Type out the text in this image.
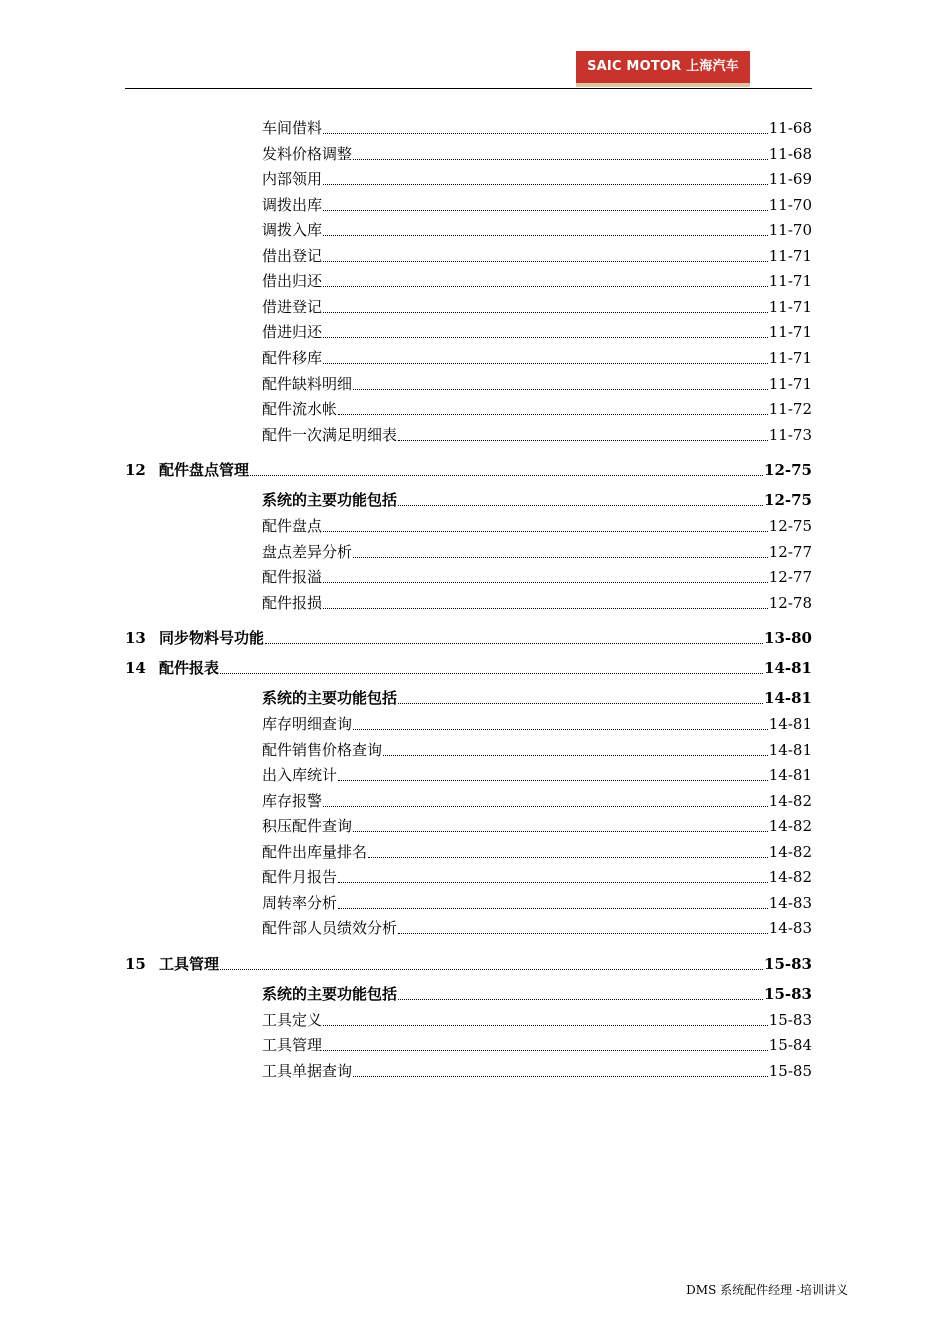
SAIC MOTOR 上海汽车
车间借料	11-68
发料价格调整	11-68
内部领用	11-69
调拨出库	11-70
调拨入库	11-70
借出登记	11-71
借出归还	11-71
借进登记	11-71
借进归还	11-71
配件移库	11-71
配件缺料明细	11-71
配件流水帐	11-72
配件一次满足明细表	11-73
12 配件盘点管理	12-75
系统的主要功能包括	12-75
配件盘点	12-75
盘点差异分析	12-77
配件报溢	12-77
配件报损	12-78
13 同步物料号功能	13-80
14 配件报表	14-81
系统的主要功能包括	14-81
库存明细查询	14-81
配件销售价格查询	14-81
出入库统计	14-81
库存报警	14-82
积压配件查询	14-82
配件出库量排名	14-82
配件月报告	14-82
周转率分析	14-83
配件部人员绩效分析	14-83
15 工具管理	15-83
系统的主要功能包括	15-83
工具定义	15-83
工具管理	15-84
工具单据查询	15-85
DMS 系统配件经理 -培训讲义
